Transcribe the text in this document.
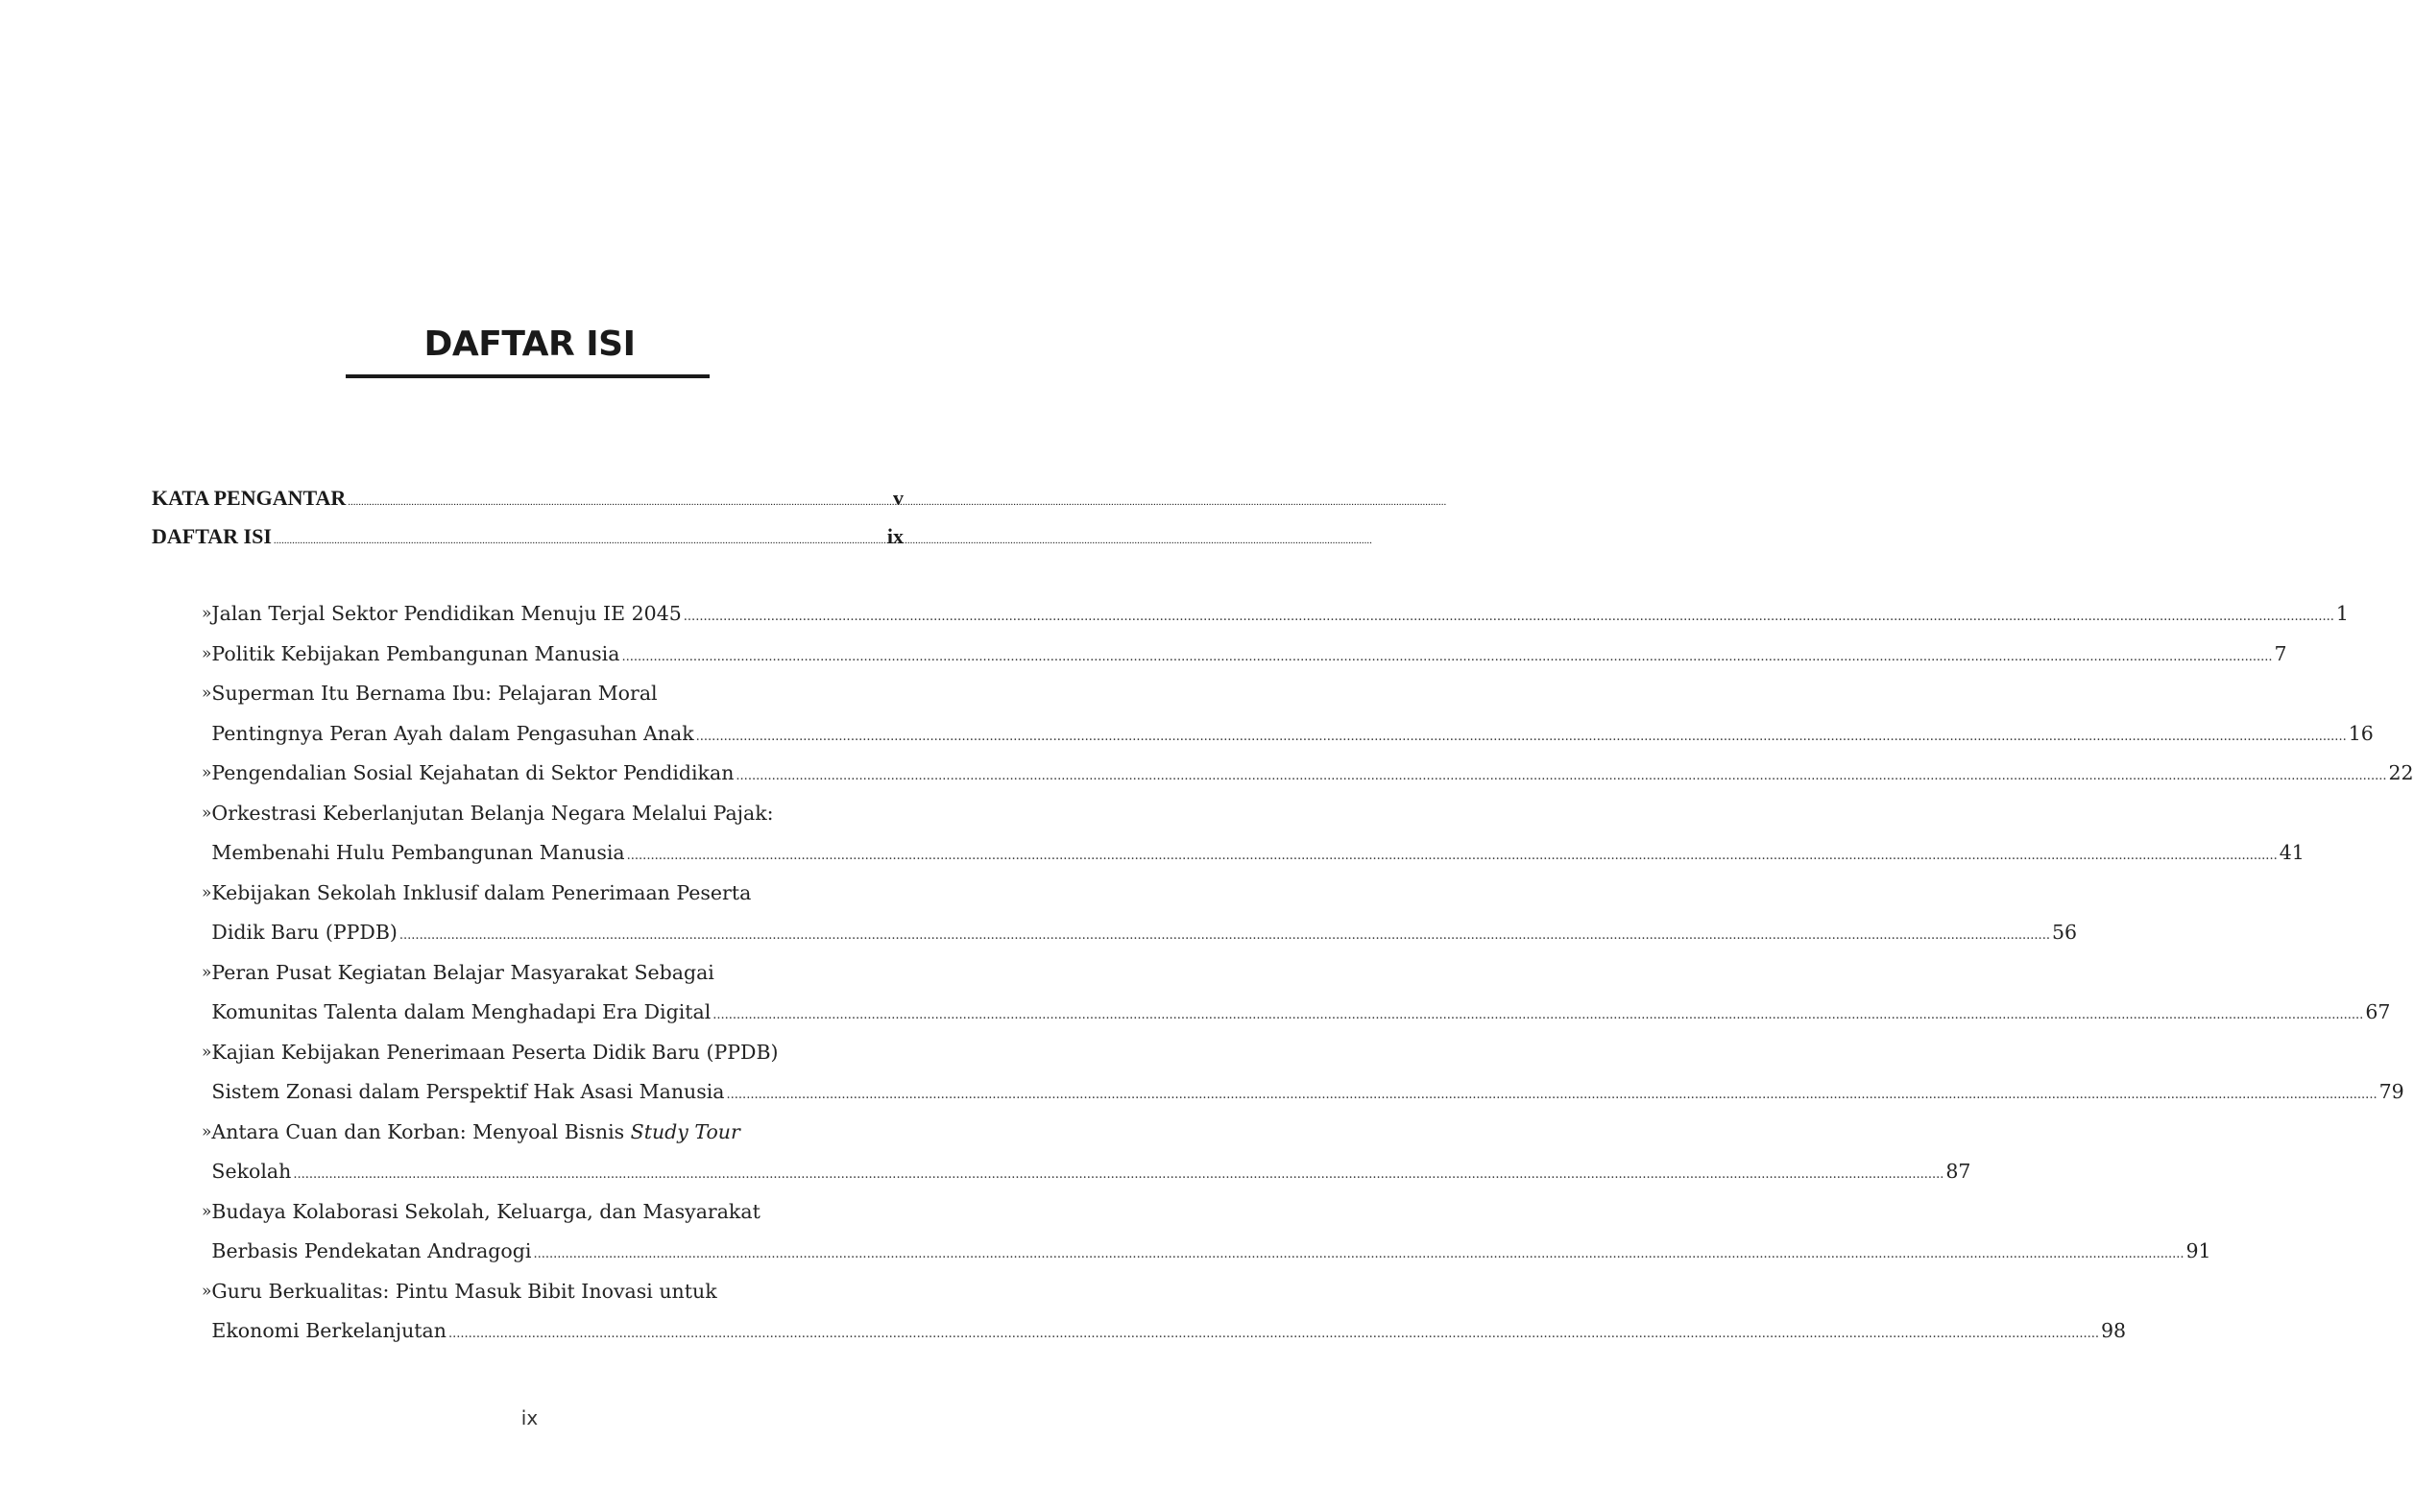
DAFTAR ISI
KATA PENGANTAR .....	v
DAFTAR ISI .....	ix
» Jalan Terjal Sektor Pendidikan Menuju IE 2045 .....	1
» Politik Kebijakan Pembangunan Manusia .....	7
» Superman Itu Bernama Ibu: Pelajaran Moral
Pentingnya Peran Ayah dalam Pengasuhan Anak .....	16
» Pengendalian Sosial Kejahatan di Sektor Pendidikan .....	22
» Orkestrasi Keberlanjutan Belanja Negara Melalui Pajak:
Membenahi Hulu Pembangunan Manusia .....	41
» Kebijakan Sekolah Inklusif dalam Penerimaan Peserta
Didik Baru (PPDB) .....	56
» Peran Pusat Kegiatan Belajar Masyarakat Sebagai
Komunitas Talenta dalam Menghadapi Era Digital .....	67
» Kajian Kebijakan Penerimaan Peserta Didik Baru (PPDB)
Sistem Zonasi dalam Perspektif Hak Asasi Manusia .....	79
» Antara Cuan dan Korban: Menyoal Bisnis Study Tour
Sekolah .....	87
» Budaya Kolaborasi Sekolah, Keluarga, dan Masyarakat
Berbasis Pendekatan Andragogi .....	91
» Guru Berkualitas: Pintu Masuk Bibit Inovasi untuk
Ekonomi Berkelanjutan .....	98
ix
